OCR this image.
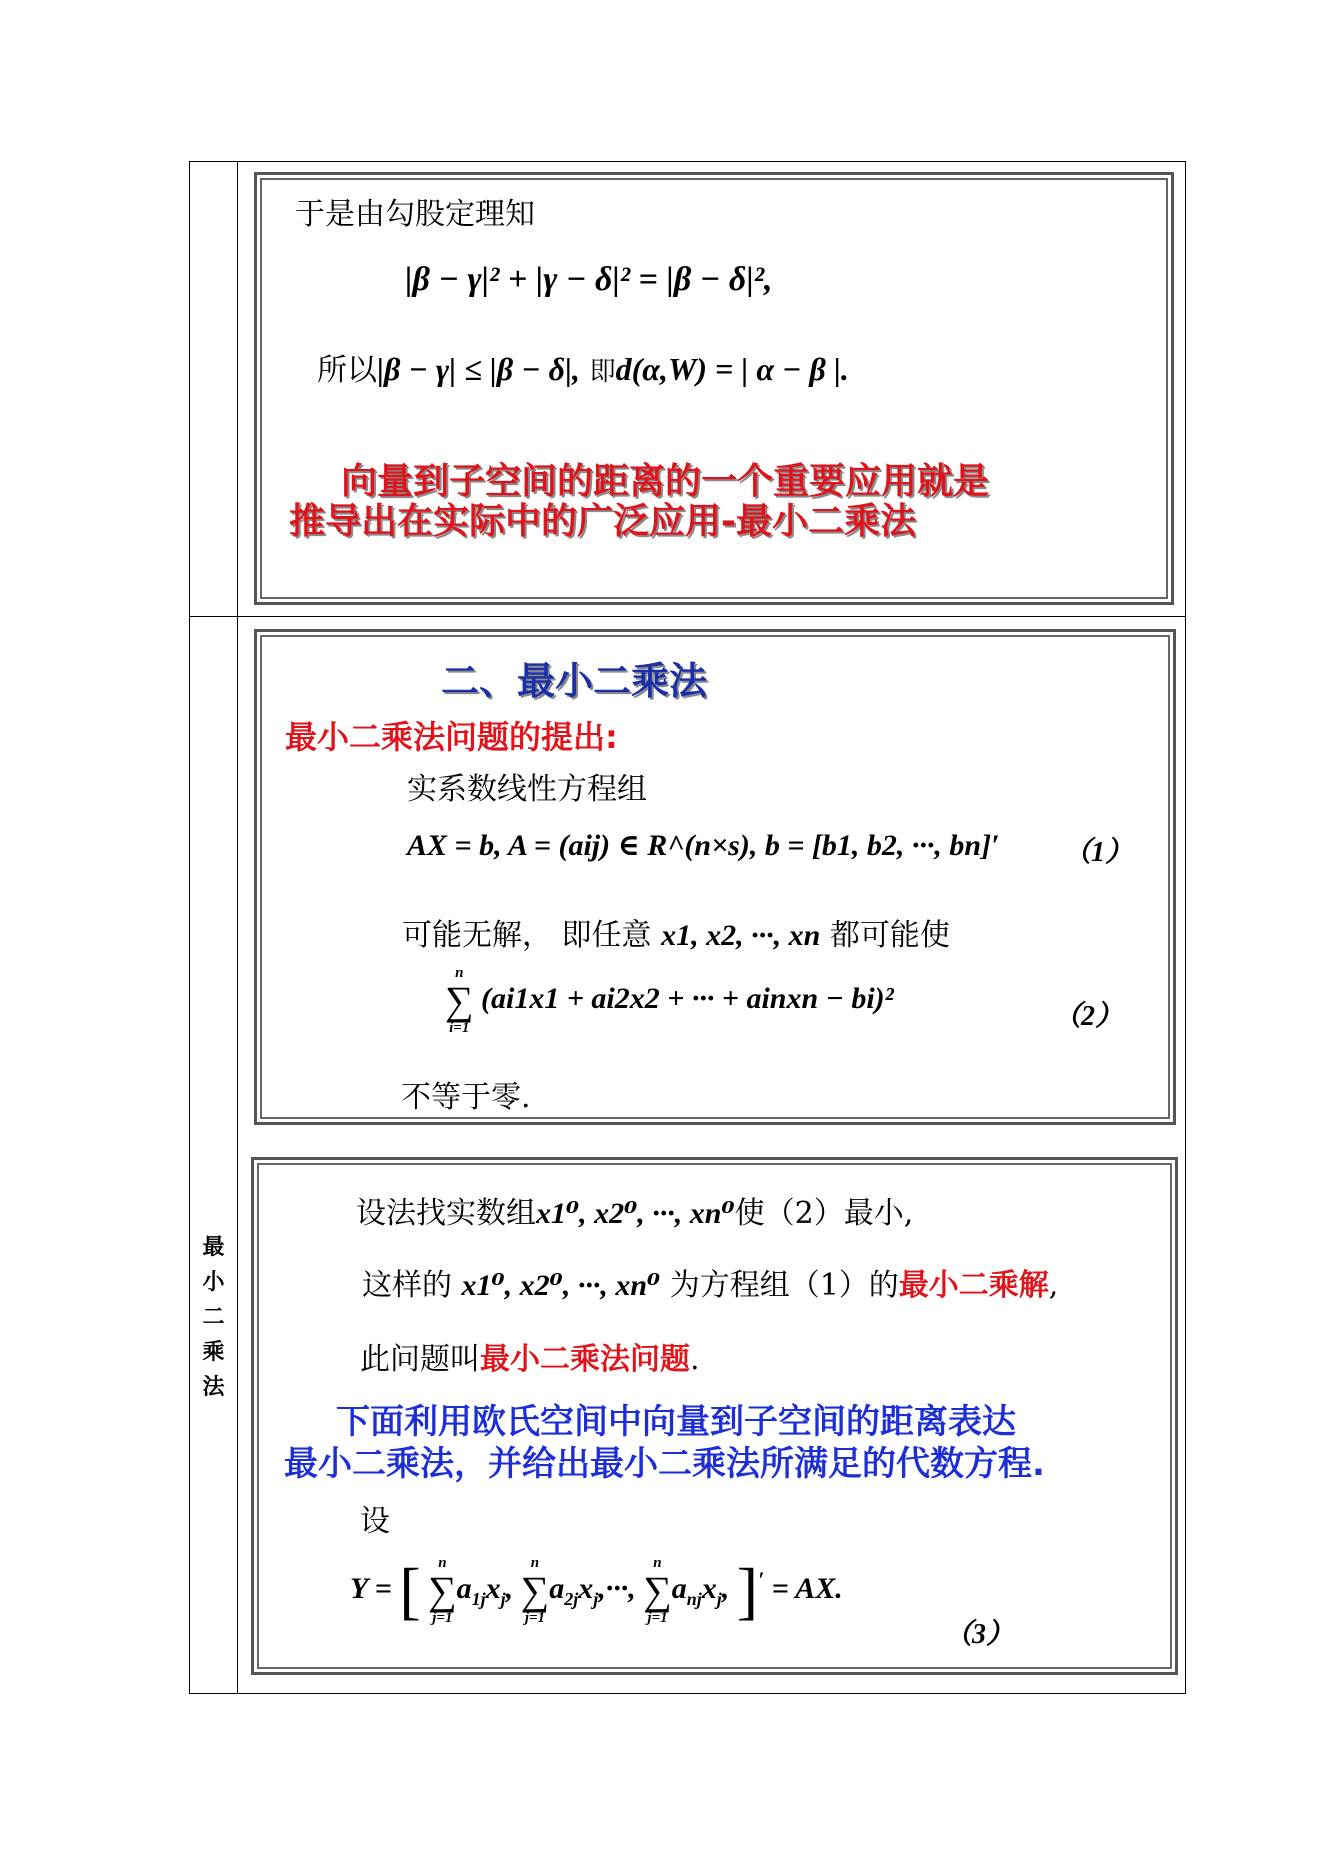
最
小
二
乘
法
于是由勾股定理知
|β − γ|² + |γ − δ|² = |β − δ|²,
所以|β − γ| ≤ |β − δ|, 即d(α,W) = | α − β |.
向量到子空间的距离的一个重要应用就是
推导出在实际中的广泛应用-最小二乘法
二、最小二乘法
最小二乘法问题的提出:
实系数线性方程组
AX = b, A = (aij) ∈ R^(n×s), b = [b1, b2, ···, bn]′ （1）
可能无解， 即任意 x1, x2, ···, xn 都可能使
n
∑
i=1
(ai1x1 + ai2x2 + ··· + ainxn − bi)²
（2）
不等于零.
设法找实数组x1⁰, x2⁰, ···, xn⁰使（2）最小,
这样的 x1⁰, x2⁰, ···, xn⁰ 为方程组（1）的最小二乘解,
此问题叫最小二乘法问题.
下面利用欧氏空间中向量到子空间的距离表达
最小二乘法，并给出最小二乘法所满足的代数方程.
设
Y = [	n
∑
j=1
$a_{1j}x_j$,
n
∑
j=1
$a_{2j}x_j,\cdot\cdot\cdot$,
n
∑
j=1
$a_{nj}x_j$, ]′ = AX.
（3）
